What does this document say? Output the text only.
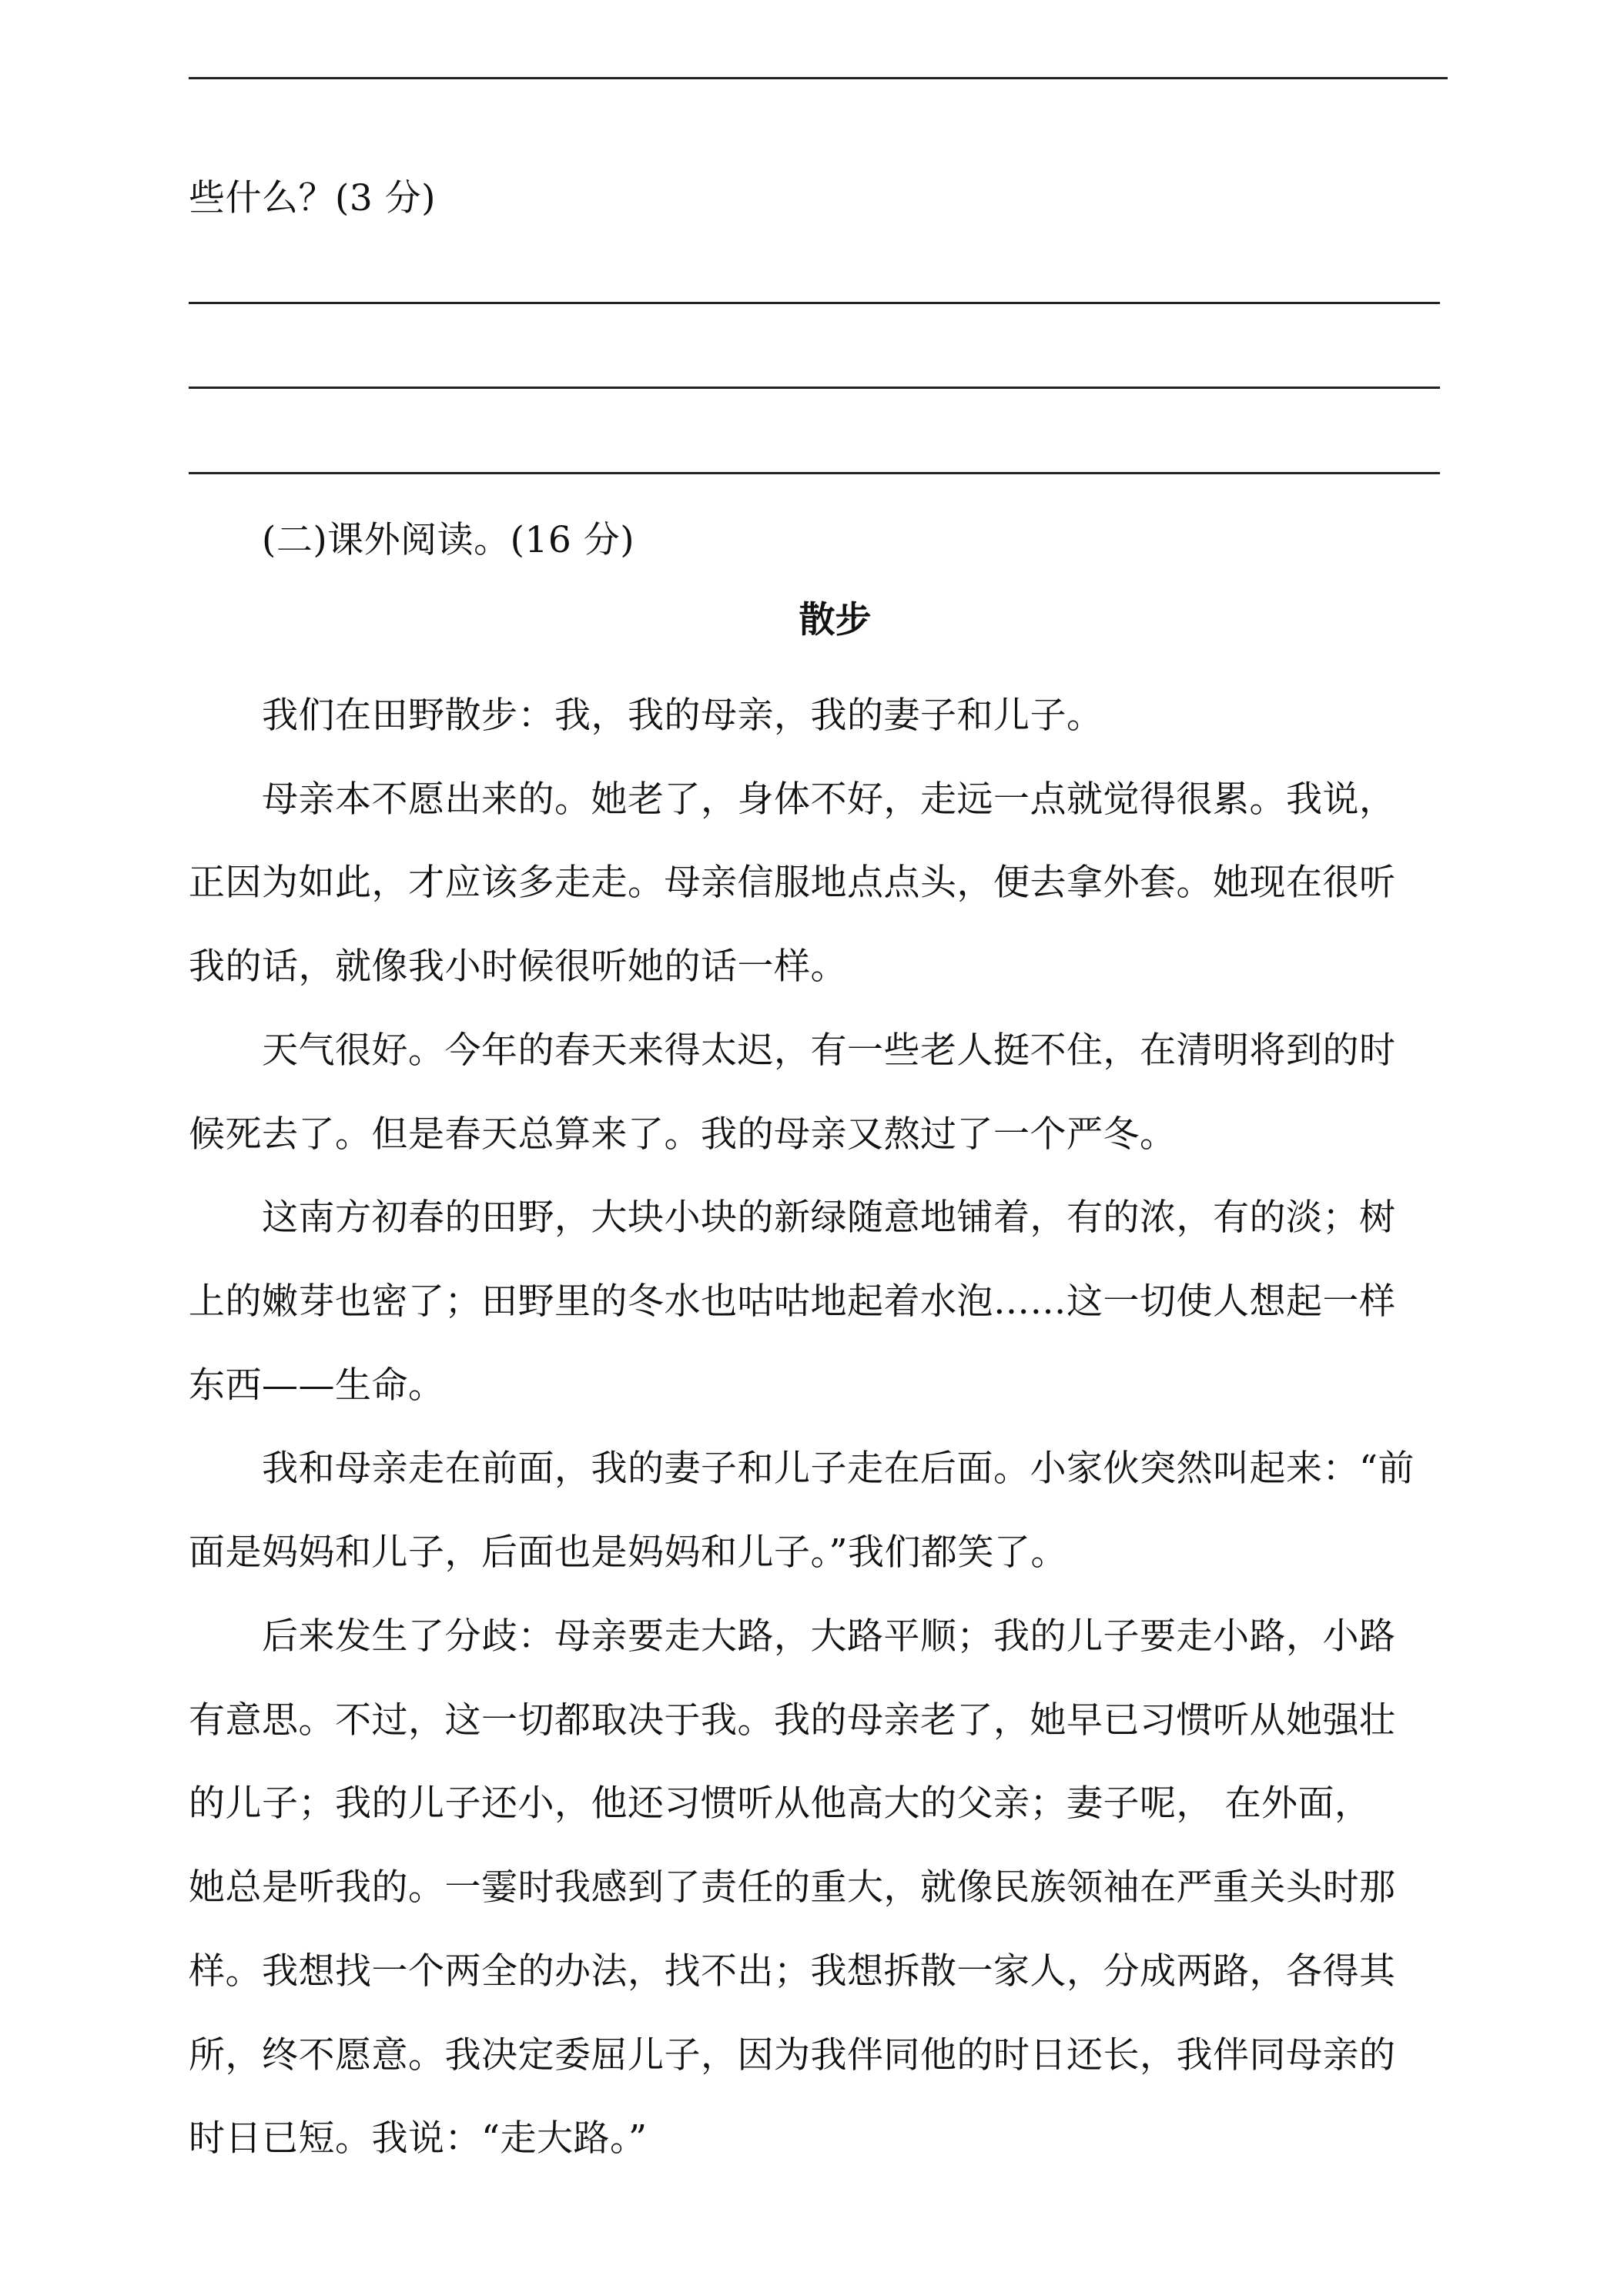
些什么？(3 分)
(二)课外阅读。(16 分)
散步
我们在田野散步：我，我的母亲，我的妻子和儿子。
母亲本不愿出来的。她老了，身体不好，走远一点就觉得很累。我说，
正因为如此，才应该多走走。母亲信服地点点头，便去拿外套。她现在很听
我的话，就像我小时候很听她的话一样。
天气很好。今年的春天来得太迟，有一些老人挺不住，在清明将到的时
候死去了。但是春天总算来了。我的母亲又熬过了一个严冬。
这南方初春的田野，大块小块的新绿随意地铺着，有的浓，有的淡；树
上的嫩芽也密了；田野里的冬水也咕咕地起着水泡……这一切使人想起一样
东西——生命。
我和母亲走在前面，我的妻子和儿子走在后面。小家伙突然叫起来：“前
面是妈妈和儿子，后面也是妈妈和儿子。”我们都笑了。
后来发生了分歧：母亲要走大路，大路平顺；我的儿子要走小路，小路
有意思。不过，这一切都取决于我。我的母亲老了，她早已习惯听从她强壮
的儿子；我的儿子还小，他还习惯听从他高大的父亲；妻子呢， 在外面，
她总是听我的。一霎时我感到了责任的重大，就像民族领袖在严重关头时那
样。我想找一个两全的办法，找不出；我想拆散一家人，分成两路，各得其
所，终不愿意。我决定委屈儿子，因为我伴同他的时日还长，我伴同母亲的
时日已短。我说：“走大路。”
